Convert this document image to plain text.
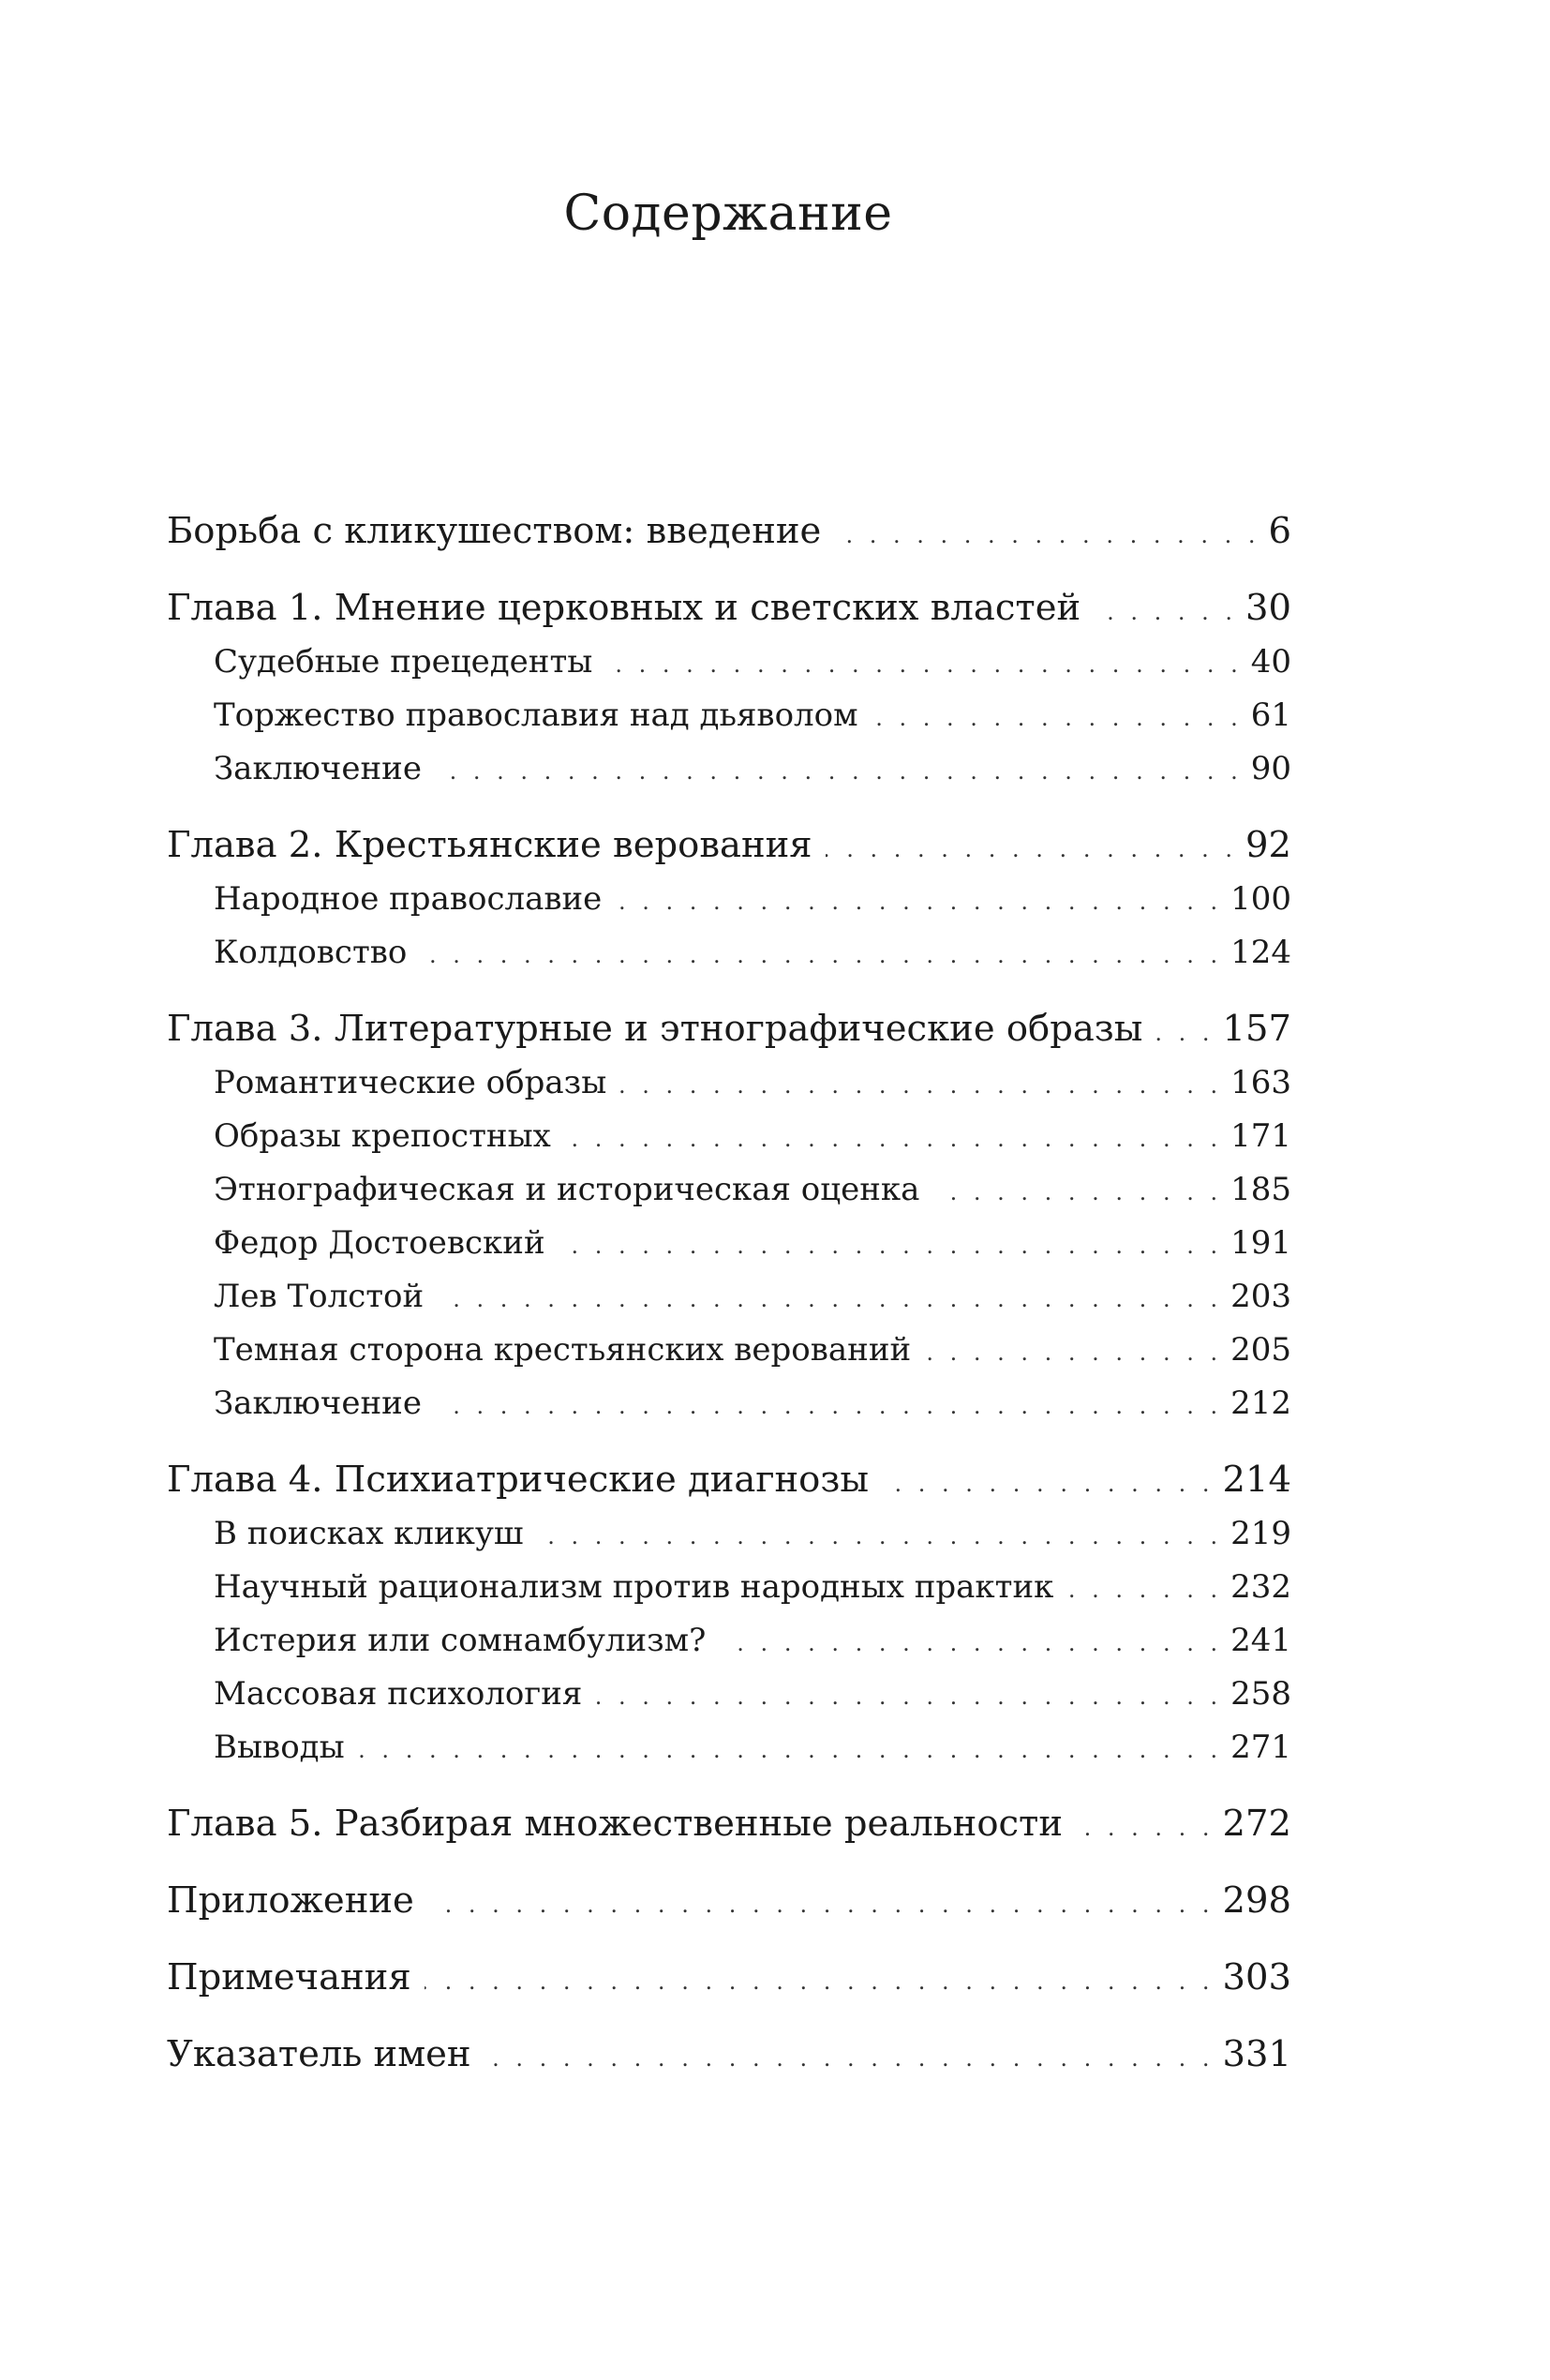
Содержание
Борьба с кликушеством: введение . . .	6
Глава 1. Мнение церковных и светских властей . . .	30
Судебные прецеденты . . .	40
Торжество православия над дьяволом . . .	61
Заключение . . .	90
Глава 2. Крестьянские верования . . .	92
Народное православие . . .	100
Колдовство . . .	124
Глава 3. Литературные и этнографические образы . . . 157
Романтические образы . . .	163
Образы крепостных . . .	171
Этнографическая и историческая оценка . . .	185
Федор Достоевский . . .	191
Лев Толстой . . .	203
Темная сторона крестьянских верований . . .	205
Заключение . . .	212
Глава 4. Психиатрические диагнозы . . .	214
В поисках кликуш . . .	219
Научный рационализм против народных практик . . .	232
Истерия или сомнамбулизм? . . .	241
Массовая психология . . .	258
Выводы . . .	271
Глава 5. Разбирая множественные реальности . . .	272
Приложение . . .	298
Примечания . . .	303
Указатель имен . . .	331
